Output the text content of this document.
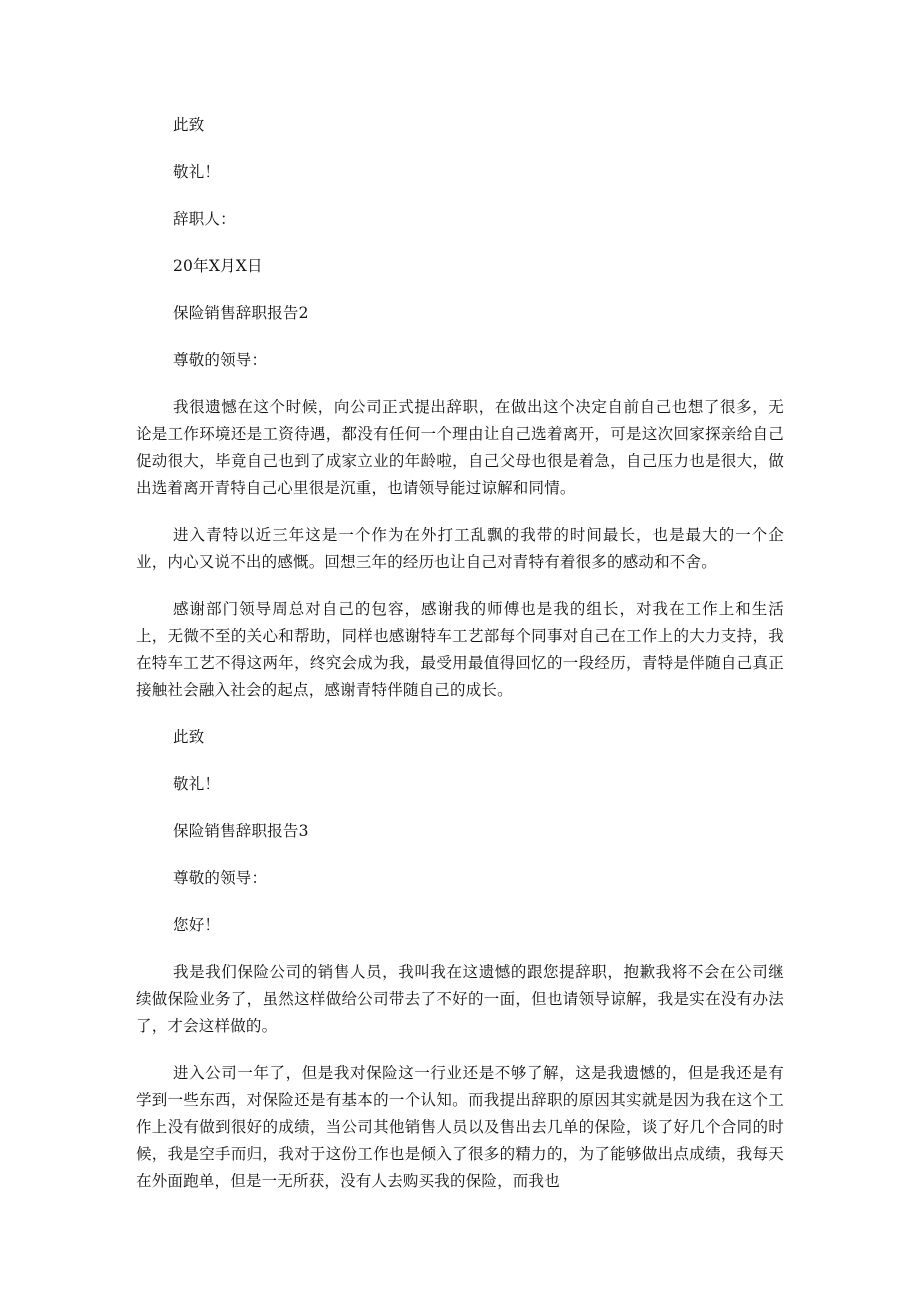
此致

敬礼！

辞职人：

20年X月X日

保险销售辞职报告2

尊敬的领导：

我很遗憾在这个时候，向公司正式提出辞职，在做出这个决定自前自己也想了很多，无论是工作环境还是工资待遇，都没有任何一个理由让自己选着离开，可是这次回家探亲给自己促动很大，毕竟自己也到了成家立业的年龄啦，自己父母也很是着急，自己压力也是很大，做出选着离开青特自己心里很是沉重，也请领导能过谅解和同情。

进入青特以近三年这是一个作为在外打工乱飘的我带的时间最长，也是最大的一个企业，内心又说不出的感慨。回想三年的经历也让自己对青特有着很多的感动和不舍。

感谢部门领导周总对自己的包容，感谢我的师傅也是我的组长，对我在工作上和生活上，无微不至的关心和帮助，同样也感谢特车工艺部每个同事对自己在工作上的大力支持，我在特车工艺不得这两年，终究会成为我，最受用最值得回忆的一段经历，青特是伴随自己真正接触社会融入社会的起点，感谢青特伴随自己的成长。

此致

敬礼！

保险销售辞职报告3

尊敬的领导：

您好！

我是我们保险公司的销售人员，我叫我在这遗憾的跟您提辞职，抱歉我将不会在公司继续做保险业务了，虽然这样做给公司带去了不好的一面，但也请领导谅解，我是实在没有办法了，才会这样做的。

进入公司一年了，但是我对保险这一行业还是不够了解，这是我遗憾的，但是我还是有学到一些东西，对保险还是有基本的一个认知。而我提出辞职的原因其实就是因为我在这个工作上没有做到很好的成绩，当公司其他销售人员以及售出去几单的保险，谈了好几个合同的时候，我是空手而归，我对于这份工作也是倾入了很多的精力的，为了能够做出点成绩，我每天在外面跑单，但是一无所获，没有人去购买我的保险，而我也
